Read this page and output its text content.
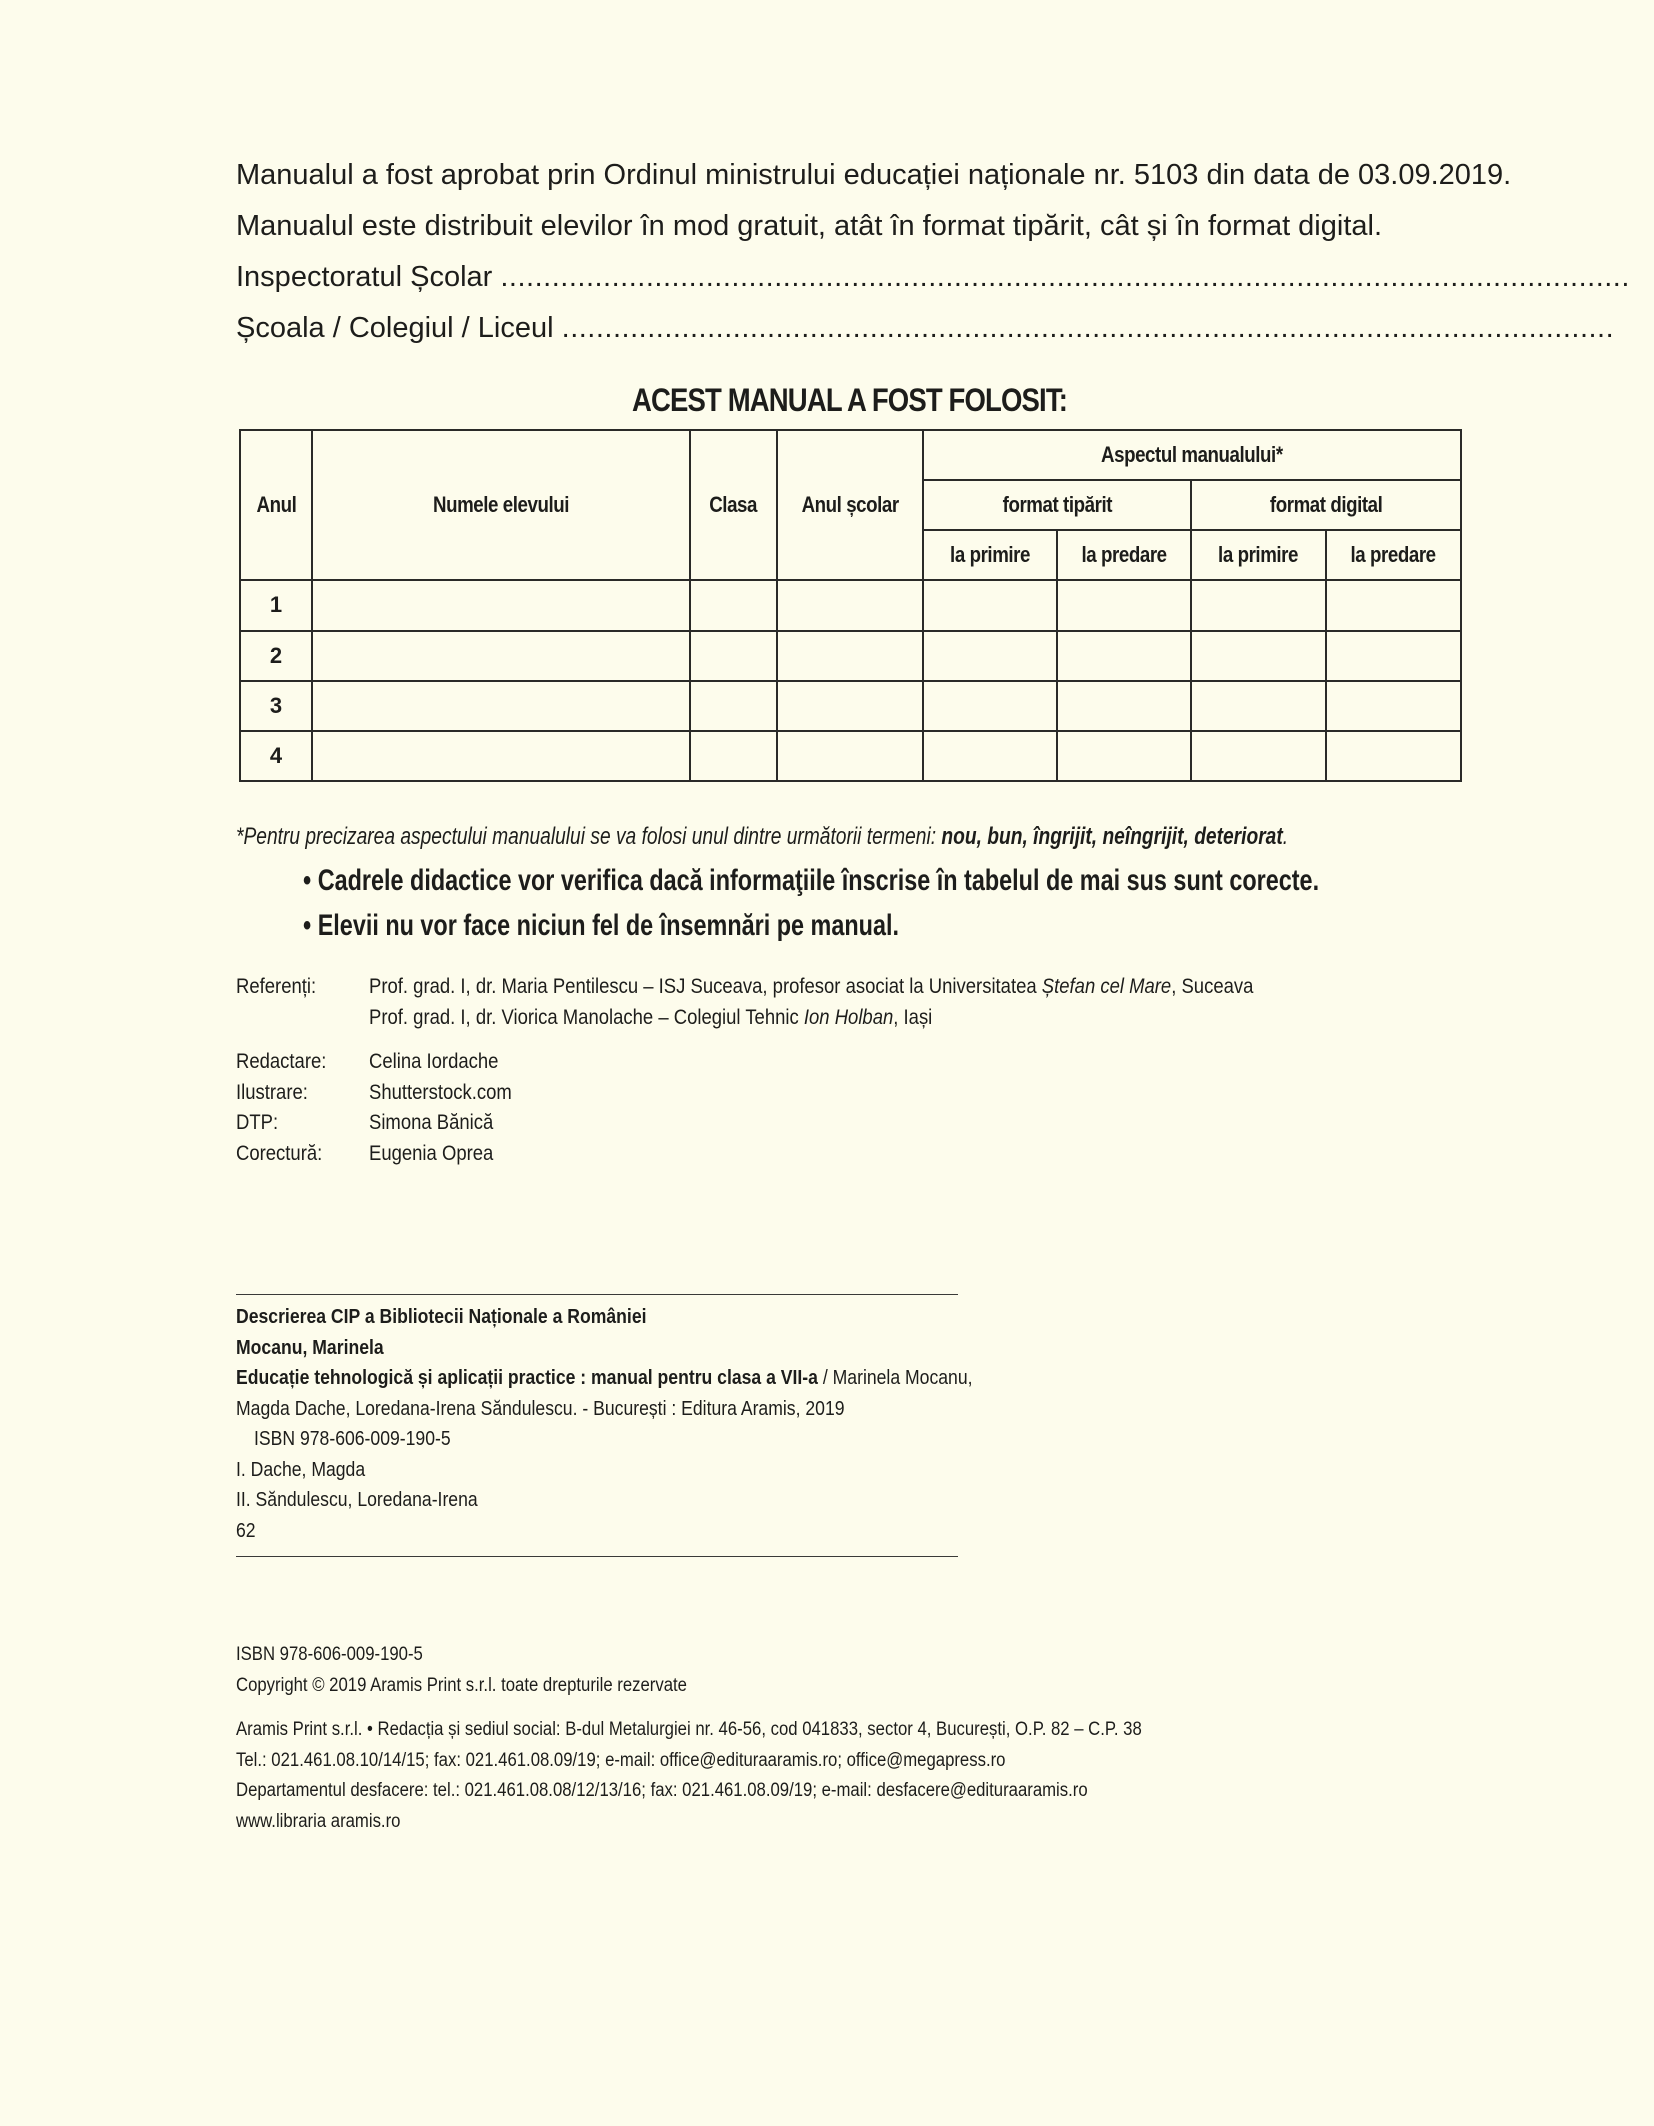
Manualul a fost aprobat prin Ordinul ministrului educației naționale nr. 5103 din data de 03.09.2019.
Manualul este distribuit elevilor în mod gratuit, atât în format tipărit, cât și în format digital.
Inspectoratul Școlar ....................................................................................................................................
Școala / Colegiul / Liceul ...........................................................................................................................
ACEST MANUAL A FOST FOLOSIT:
Anul	Numele elevului	Clasa	Anul școlar	Aspectul manualului*			
				format tipărit		format digital	
				la primire	la predare	la primire	la predare
1							
2							
3							
4							
*Pentru precizarea aspectului manualului se va folosi unul dintre următorii termeni: nou, bun, îngrijit, neîngrijit, deteriorat.
• Cadrele didactice vor verifica dacă informaţiile înscrise în tabelul de mai sus sunt corecte.
• Elevii nu vor face niciun fel de însemnări pe manual.
Referenți:	Prof. grad. I, dr. Maria Pentilescu – ISJ Suceava, profesor asociat la Universitatea Ștefan cel Mare, Suceava
Prof. grad. I, dr. Viorica Manolache – Colegiul Tehnic Ion Holban, Iași
Redactare:	Celina Iordache
Ilustrare:	Shutterstock.com
DTP:	Simona Bănică
Corectură:	Eugenia Oprea
Descrierea CIP a Bibliotecii Naționale a României
Mocanu, Marinela
Educație tehnologică și aplicații practice : manual pentru clasa a VII-a / Marinela Mocanu,
Magda Dache, Loredana-Irena Săndulescu. - București : Editura Aramis, 2019
ISBN 978-606-009-190-5
I. Dache, Magda
II. Săndulescu, Loredana-Irena
62
ISBN 978-606-009-190-5
Copyright © 2019 Aramis Print s.r.l. toate drepturile rezervate
Aramis Print s.r.l. • Redacția și sediul social: B-dul Metalurgiei nr. 46-56, cod 041833, sector 4, București, O.P. 82 – C.P. 38
Tel.: 021.461.08.10/14/15; fax: 021.461.08.09/19; e-mail: office@edituraaramis.ro; office@megapress.ro
Departamentul desfacere: tel.: 021.461.08.08/12/13/16; fax: 021.461.08.09/19; e-mail: desfacere@edituraaramis.ro
www.libraria aramis.ro
